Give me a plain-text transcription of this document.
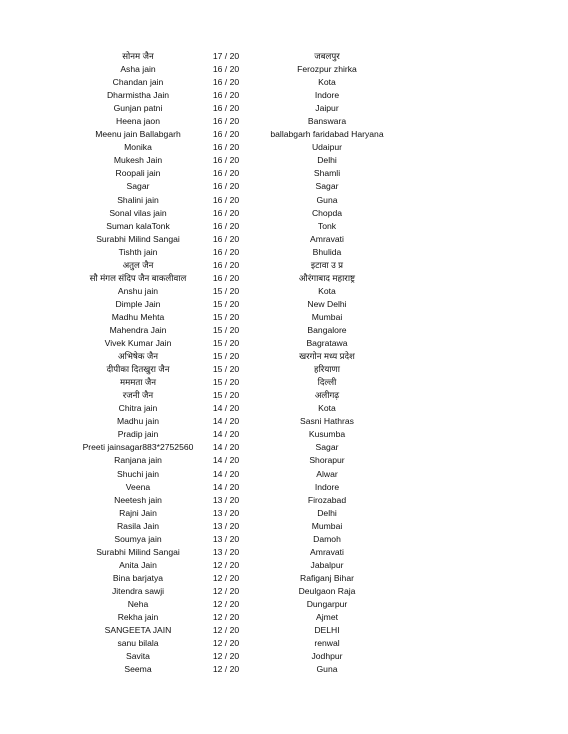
सोनम जैन	17 / 20	जबलपुर
Asha jain	16 / 20	Ferozpur zhirka
Chandan jain	16 / 20	Kota
Dharmistha Jain	16 / 20	Indore
Gunjan patni	16 / 20	Jaipur
Heena jaon	16 / 20	Banswara
Meenu jain Ballabgarh	16 / 20	ballabgarh faridabad Haryana
Monika	16 / 20	Udaipur
Mukesh Jain	16 / 20	Delhi
Roopali jain	16 / 20	Shamli
Sagar	16 / 20	Sagar
Shalini jain	16 / 20	Guna
Sonal vilas jain	16 / 20	Chopda
Suman kalaTonk	16 / 20	Tonk
Surabhi Milind Sangai	16 / 20	Amravati
Tishth jain	16 / 20	Bhulida
अतुल जैन	16 / 20	इटावा उ प्र
सौ मंगल संदिप जैन बाकलीवाल	16 / 20	औरंगाबाद महाराष्ट्र
Anshu jain	15 / 20	Kota
Dimple Jain	15 / 20	New Delhi
Madhu Mehta	15 / 20	Mumbai
Mahendra Jain	15 / 20	Bangalore
Vivek Kumar Jain	15 / 20	Bagratawa
अभिषेक जैन	15 / 20	खरगोन मध्य प्रदेश
दीपीका दितखुरा जैन	15 / 20	हरियाणा
मममता जैन	15 / 20	दिल्ली
रजनी जैन	15 / 20	अलीगढ़
Chitra jain	14 / 20	Kota
Madhu jain	14 / 20	Sasni Hathras
Pradip jain	14 / 20	Kusumba
Preeti jainsagar883*2752560	14 / 20	Sagar
Ranjana jain	14 / 20	Shorapur
Shuchi jain	14 / 20	Alwar
Veena	14 / 20	Indore
Neetesh jain	13 / 20	Firozabad
Rajni Jain	13 / 20	Delhi
Rasila Jain	13 / 20	Mumbai
Soumya jain	13 / 20	Damoh
Surabhi Milind Sangai	13 / 20	Amravati
Anita Jain	12 / 20	Jabalpur
Bina barjatya	12 / 20	Rafiganj Bihar
Jitendra sawji	12 / 20	Deulgaon Raja
Neha	12 / 20	Dungarpur
Rekha jain	12 / 20	Ajmet
SANGEETA JAIN	12 / 20	DELHI
sanu bilala	12 / 20	renwal
Savita	12 / 20	Jodhpur
Seema	12 / 20	Guna
